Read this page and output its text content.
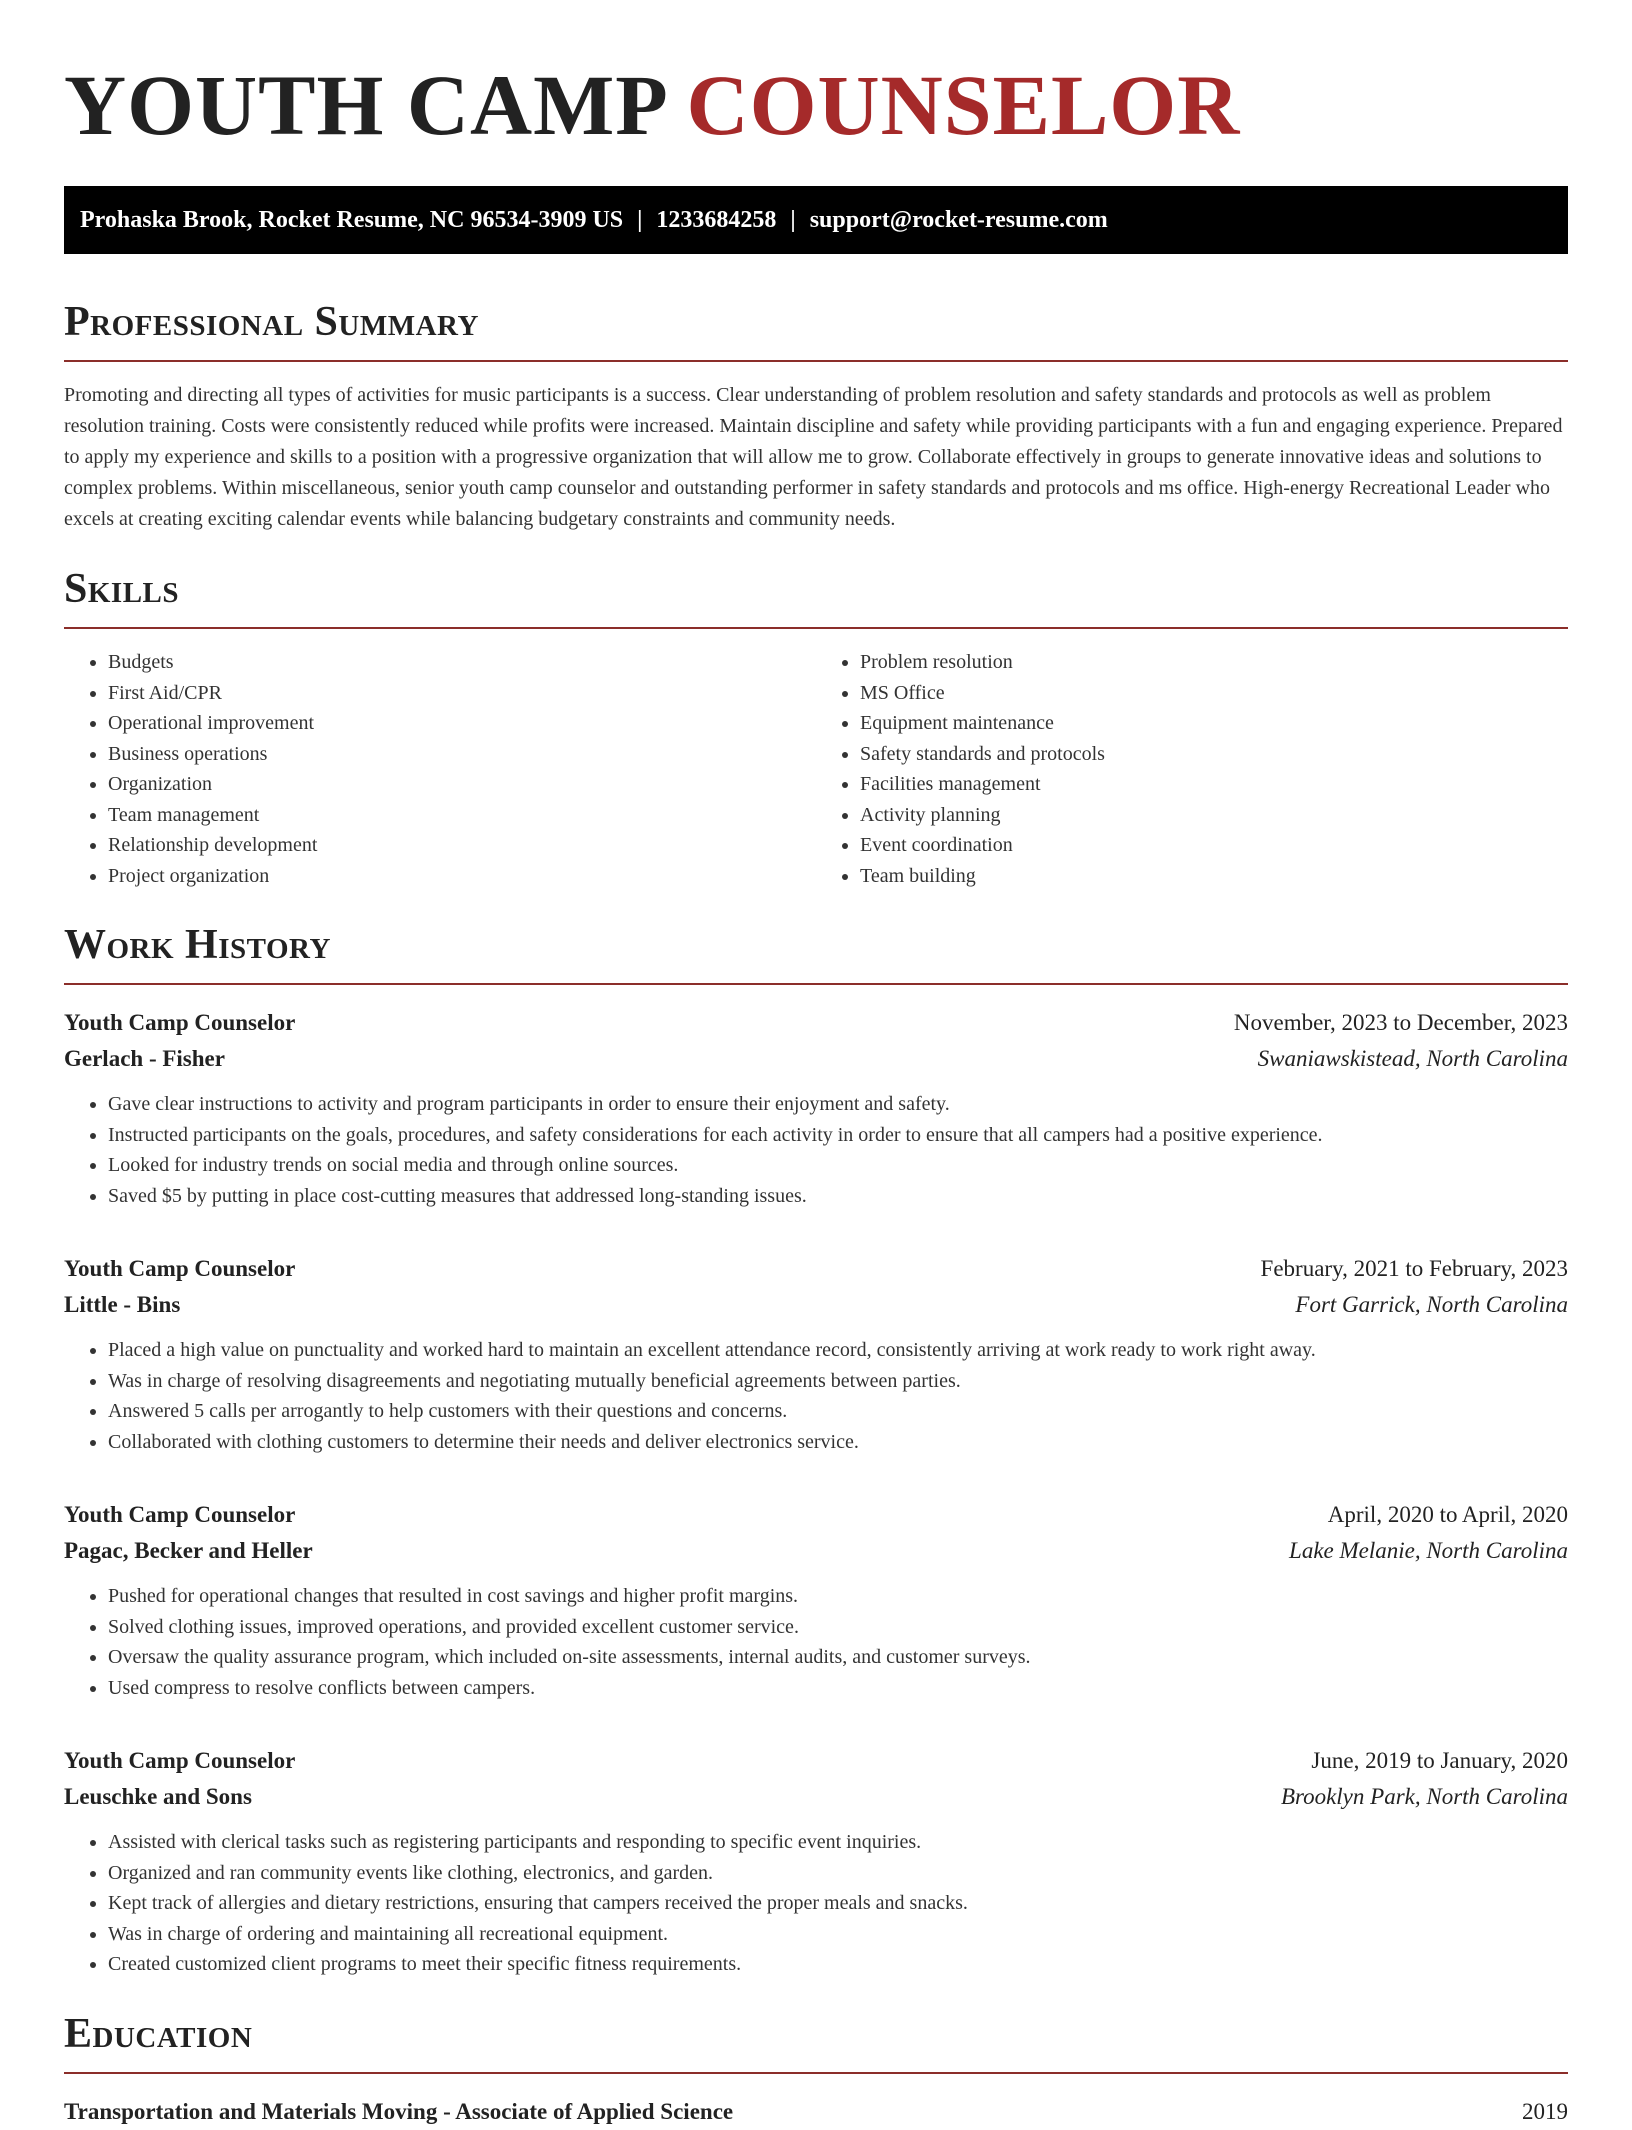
YOUTH CAMP COUNSELOR
Prohaska Brook, Rocket Resume, NC 96534-3909 US | 1233684258 | support@rocket-resume.com
Professional Summary

Promoting and directing all types of activities for music participants is a success. Clear understanding of problem resolution and safety standards and protocols as well as problem resolution training. Costs were consistently reduced while profits were increased. Maintain discipline and safety while providing participants with a fun and engaging experience. Prepared to apply my experience and skills to a position with a progressive organization that will allow me to grow. Collaborate effectively in groups to generate innovative ideas and solutions to complex problems. Within miscellaneous, senior youth camp counselor and outstanding performer in safety standards and protocols and ms office. High-energy Recreational Leader who excels at creating exciting calendar events while balancing budgetary constraints and community needs.

Skills
• Budgets
• First Aid/CPR
• Operational improvement
• Business operations
• Organization
• Team management
• Relationship development
• Project organization
• Problem resolution
• MS Office
• Equipment maintenance
• Safety standards and protocols
• Facilities management
• Activity planning
• Event coordination
• Team building
Work History
Youth Camp Counselor	November, 2023 to December, 2023
Gerlach - Fisher	Swaniawskistead, North Carolina
• Gave clear instructions to activity and program participants in order to ensure their enjoyment and safety.
• Instructed participants on the goals, procedures, and safety considerations for each activity in order to ensure that all campers had a positive experience.
• Looked for industry trends on social media and through online sources.
• Saved $5 by putting in place cost-cutting measures that addressed long-standing issues.
Youth Camp Counselor	February, 2021 to February, 2023
Little - Bins	Fort Garrick, North Carolina
• Placed a high value on punctuality and worked hard to maintain an excellent attendance record, consistently arriving at work ready to work right away.
• Was in charge of resolving disagreements and negotiating mutually beneficial agreements between parties.
• Answered 5 calls per arrogantly to help customers with their questions and concerns.
• Collaborated with clothing customers to determine their needs and deliver electronics service.
Youth Camp Counselor	April, 2020 to April, 2020
Pagac, Becker and Heller	Lake Melanie, North Carolina
• Pushed for operational changes that resulted in cost savings and higher profit margins.
• Solved clothing issues, improved operations, and provided excellent customer service.
• Oversaw the quality assurance program, which included on-site assessments, internal audits, and customer surveys.
• Used compress to resolve conflicts between campers.
Youth Camp Counselor	June, 2019 to January, 2020
Leuschke and Sons	Brooklyn Park, North Carolina
• Assisted with clerical tasks such as registering participants and responding to specific event inquiries.
• Organized and ran community events like clothing, electronics, and garden.
• Kept track of allergies and dietary restrictions, ensuring that campers received the proper meals and snacks.
• Was in charge of ordering and maintaining all recreational equipment.
• Created customized client programs to meet their specific fitness requirements.
Education
Transportation and Materials Moving - Associate of Applied Science	2019
